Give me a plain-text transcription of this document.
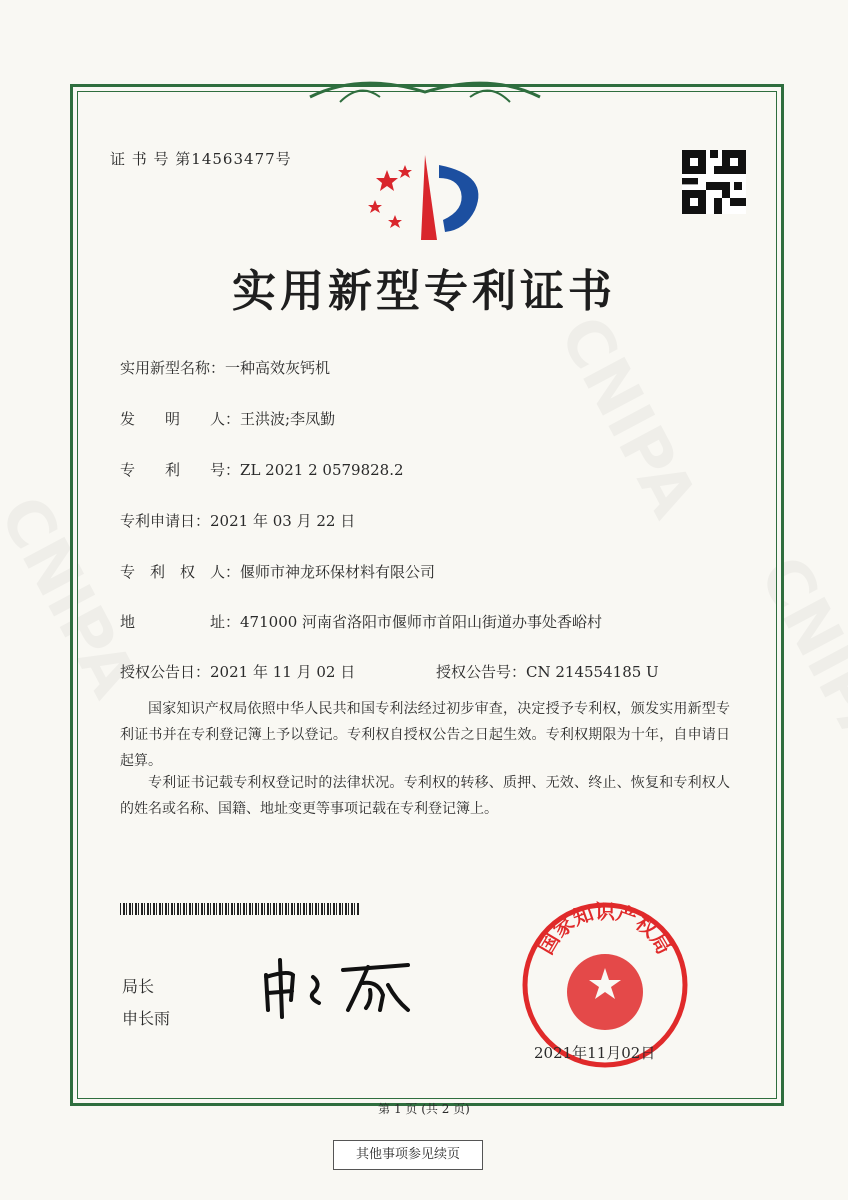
证 书 号 第14563477号
实用新型专利证书
实用新型名称：一种高效灰钙机
发　　明　　人：王洪波;李凤勤
专　　利　　号：ZL 2021 2 0579828.2
专利申请日：2021 年 03 月 22 日
专　利　权　人：偃师市神龙环保材料有限公司
地　　　　　址：471000 河南省洛阳市偃师市首阳山街道办事处香峪村
授权公告日：2021 年 11 月 02 日	授权公告号：CN 214554185 U
国家知识产权局依照中华人民共和国专利法经过初步审查，决定授予专利权，颁发实用新型专利证书并在专利登记簿上予以登记。专利权自授权公告之日起生效。专利权期限为十年，自申请日起算。
专利证书记载专利权登记时的法律状况。专利权的转移、质押、无效、终止、恢复和专利权人的姓名或名称、国籍、地址变更等事项记载在专利登记簿上。
局长
申长雨
国家知识产权局
2021年11月02日
第 1 页 (共 2 页)
其他事项参见续页
